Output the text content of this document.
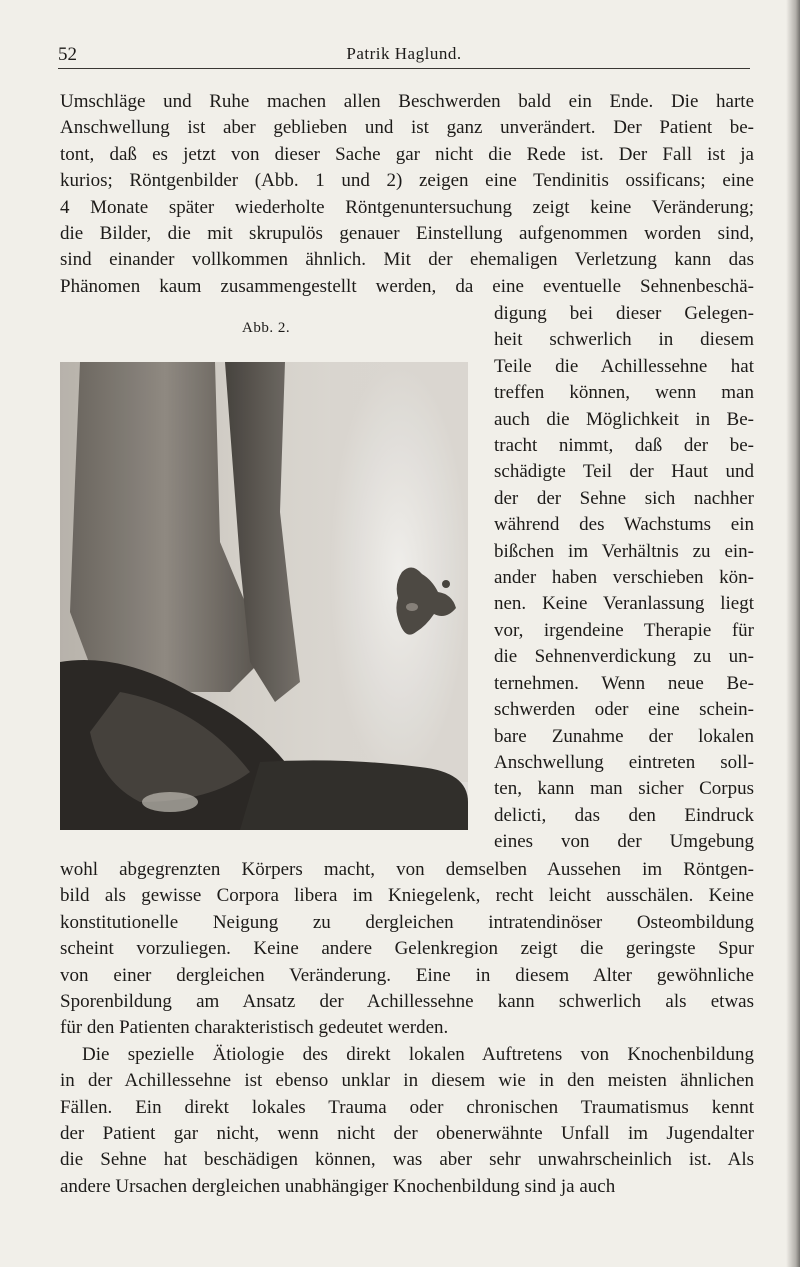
52	Patrik Haglund.
Umschläge und Ruhe machen allen Beschwerden bald ein Ende. Die harte
Anschwellung ist aber geblieben und ist ganz unverändert. Der Patient be-
tont, daß es jetzt von dieser Sache gar nicht die Rede ist. Der Fall ist ja
kurios; Röntgenbilder (Abb. 1 und 2) zeigen eine Tendinitis ossificans; eine
4 Monate später wiederholte Röntgenuntersuchung zeigt keine Veränderung;
die Bilder, die mit skrupulös genauer Einstellung aufgenommen worden sind,
sind einander vollkommen ähnlich. Mit der ehemaligen Verletzung kann das
Phänomen kaum zusammengestellt werden, da eine eventuelle Sehnenbeschä-
Abb. 2.
digung bei dieser Gelegen-
heit schwerlich in diesem
Teile die Achillessehne hat
treffen können, wenn man
auch die Möglichkeit in Be-
tracht nimmt, daß der be-
schädigte Teil der Haut und
der der Sehne sich nachher
während des Wachstums ein
bißchen im Verhältnis zu ein-
ander haben verschieben kön-
nen. Keine Veranlassung liegt
vor, irgendeine Therapie für
die Sehnenverdickung zu un-
ternehmen. Wenn neue Be-
schwerden oder eine schein-
bare Zunahme der lokalen
Anschwellung eintreten soll-
ten, kann man sicher Corpus
delicti, das den Eindruck
eines von der Umgebung
wohl abgegrenzten Körpers macht, von demselben Aussehen im Röntgen-
bild als gewisse Corpora libera im Kniegelenk, recht leicht ausschälen. Keine
konstitutionelle Neigung zu dergleichen intratendinöser Osteombildung
scheint vorzuliegen. Keine andere Gelenkregion zeigt die geringste Spur
von einer dergleichen Veränderung. Eine in diesem Alter gewöhnliche
Sporenbildung am Ansatz der Achillessehne kann schwerlich als etwas
für den Patienten charakteristisch gedeutet werden.
Die spezielle Ätiologie des direkt lokalen Auftretens von Knochenbildung
in der Achillessehne ist ebenso unklar in diesem wie in den meisten ähnlichen
Fällen. Ein direkt lokales Trauma oder chronischen Traumatismus kennt
der Patient gar nicht, wenn nicht der obenerwähnte Unfall im Jugendalter
die Sehne hat beschädigen können, was aber sehr unwahrscheinlich ist. Als
andere Ursachen dergleichen unabhängiger Knochenbildung sind ja auch
